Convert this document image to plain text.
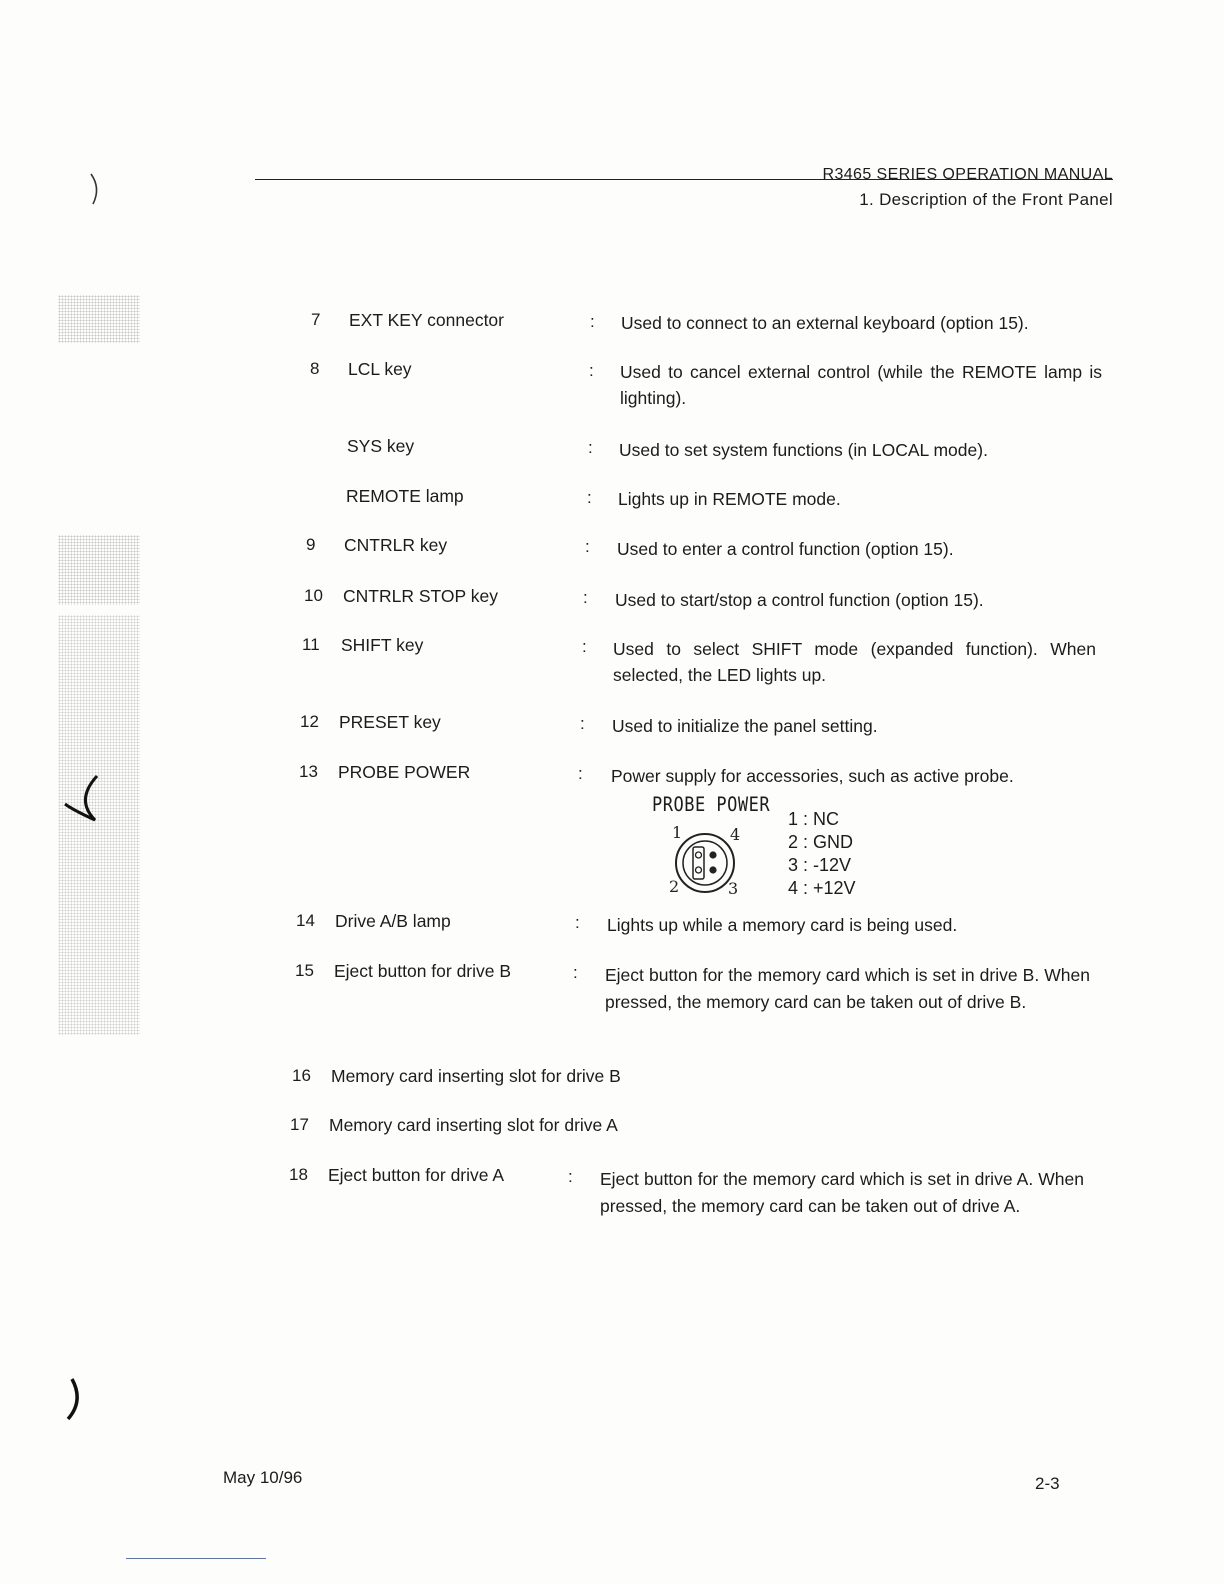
R3465 SERIES OPERATION MANUAL
1. Description of the Front Panel
7 EXT KEY connector	: Used to connect to an external keyboard (option 15).
8 LCL key	: Used to cancel external control (while the REMOTE lamp is lighting).
SYS key	: Used to set system functions (in LOCAL mode).
REMOTE lamp	: Lights up in REMOTE mode.
9 CNTRLR key	: Used to enter a control function (option 15).
10 CNTRLR STOP key	: Used to start/stop a control function (option 15).
11 SHIFT key	: Used to select SHIFT mode (expanded function). When selected, the LED lights up.
12 PRESET key	: Used to initialize the panel setting.
13 PROBE POWER	: Power supply for accessories, such as active probe.
PROBE POWER
1	4
2	3
1 : NC
2 : GND
3 : -12V
4 : +12V
14 Drive A/B lamp	: Lights up while a memory card is being used.
15 Eject button for drive B	: Eject button for the memory card which is set in drive B. When pressed, the memory card can be taken out of drive B.
16 Memory card inserting slot for drive B
17 Memory card inserting slot for drive A
18 Eject button for drive A	: Eject button for the memory card which is set in drive A. When pressed, the memory card can be taken out of drive A.
May 10/96	2-3
